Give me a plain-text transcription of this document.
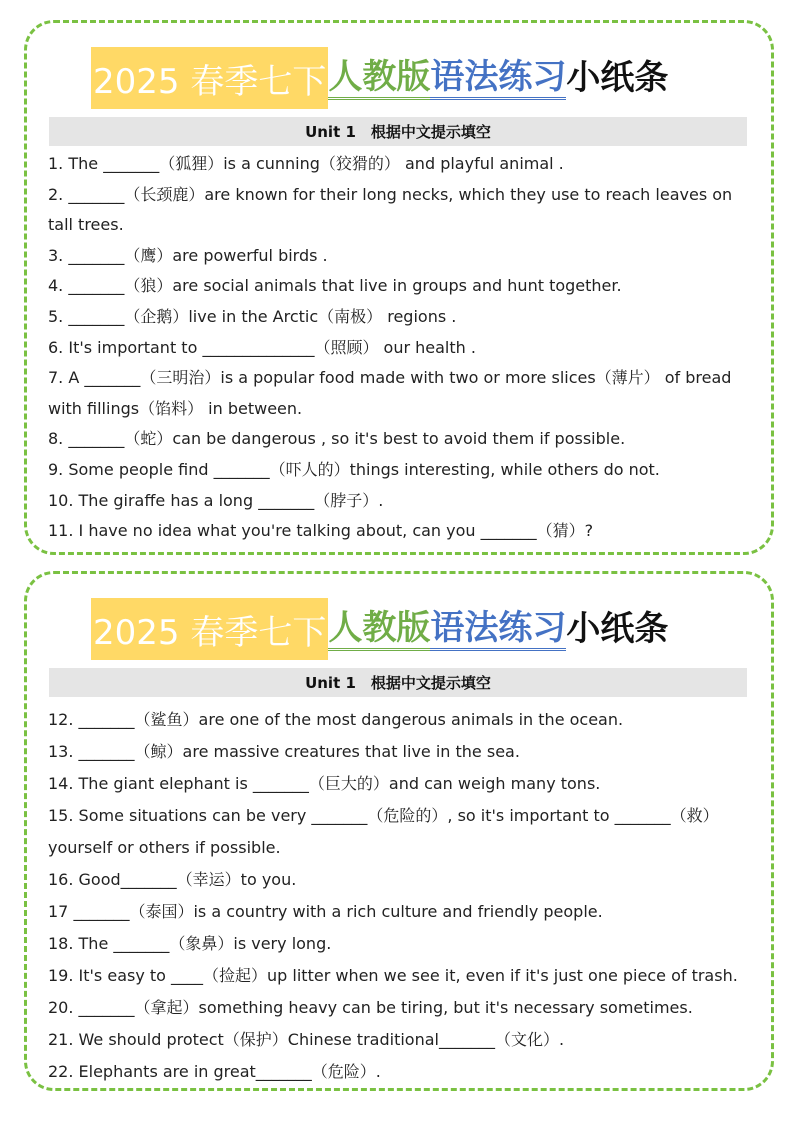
2025 春季七下 人教版 语法练习 小纸条
Unit 1　根据中文提示填空
1. The _______（狐狸）is a cunning（狡猾的） and playful animal .
2. _______（长颈鹿）are known for their long necks, which they use to reach leaves on tall trees.
3. _______（鹰）are powerful birds .
4. _______（狼）are social animals that live in groups and hunt together.
5. _______（企鹅）live in the Arctic（南极） regions .
6. It's important to ______________（照顾） our health .
7. A _______（三明治）is a popular food made with two or more slices（薄片） of bread with fillings（馅料） in between.
8. _______（蛇）can be dangerous , so it's best to avoid them if possible.
9. Some people find _______（吓人的）things interesting, while others do not.
10. The giraffe has a long _______（脖子）.
11. I have no idea what you're talking about, can you _______（猜）?
2025 春季七下 人教版 语法练习 小纸条
Unit 1　根据中文提示填空
12. _______（鲨鱼）are one of the most dangerous animals in the ocean.
13. _______（鲸）are massive creatures that live in the sea.
14. The giant elephant is _______（巨大的）and can weigh many tons.
15. Some situations can be very _______（危险的）, so it's important to _______（救） yourself or others if possible.
16. Good_______（幸运）to you.
17 _______（泰国）is a country with a rich culture and friendly people.
18. The _______（象鼻）is very long.
19. It's easy to ____（捡起）up litter when we see it, even if it's just one piece of trash.
20. _______（拿起）something heavy can be tiring, but it's necessary sometimes.
21. We should protect（保护）Chinese traditional_______（文化）.
22. Elephants are in great_______（危险）.
